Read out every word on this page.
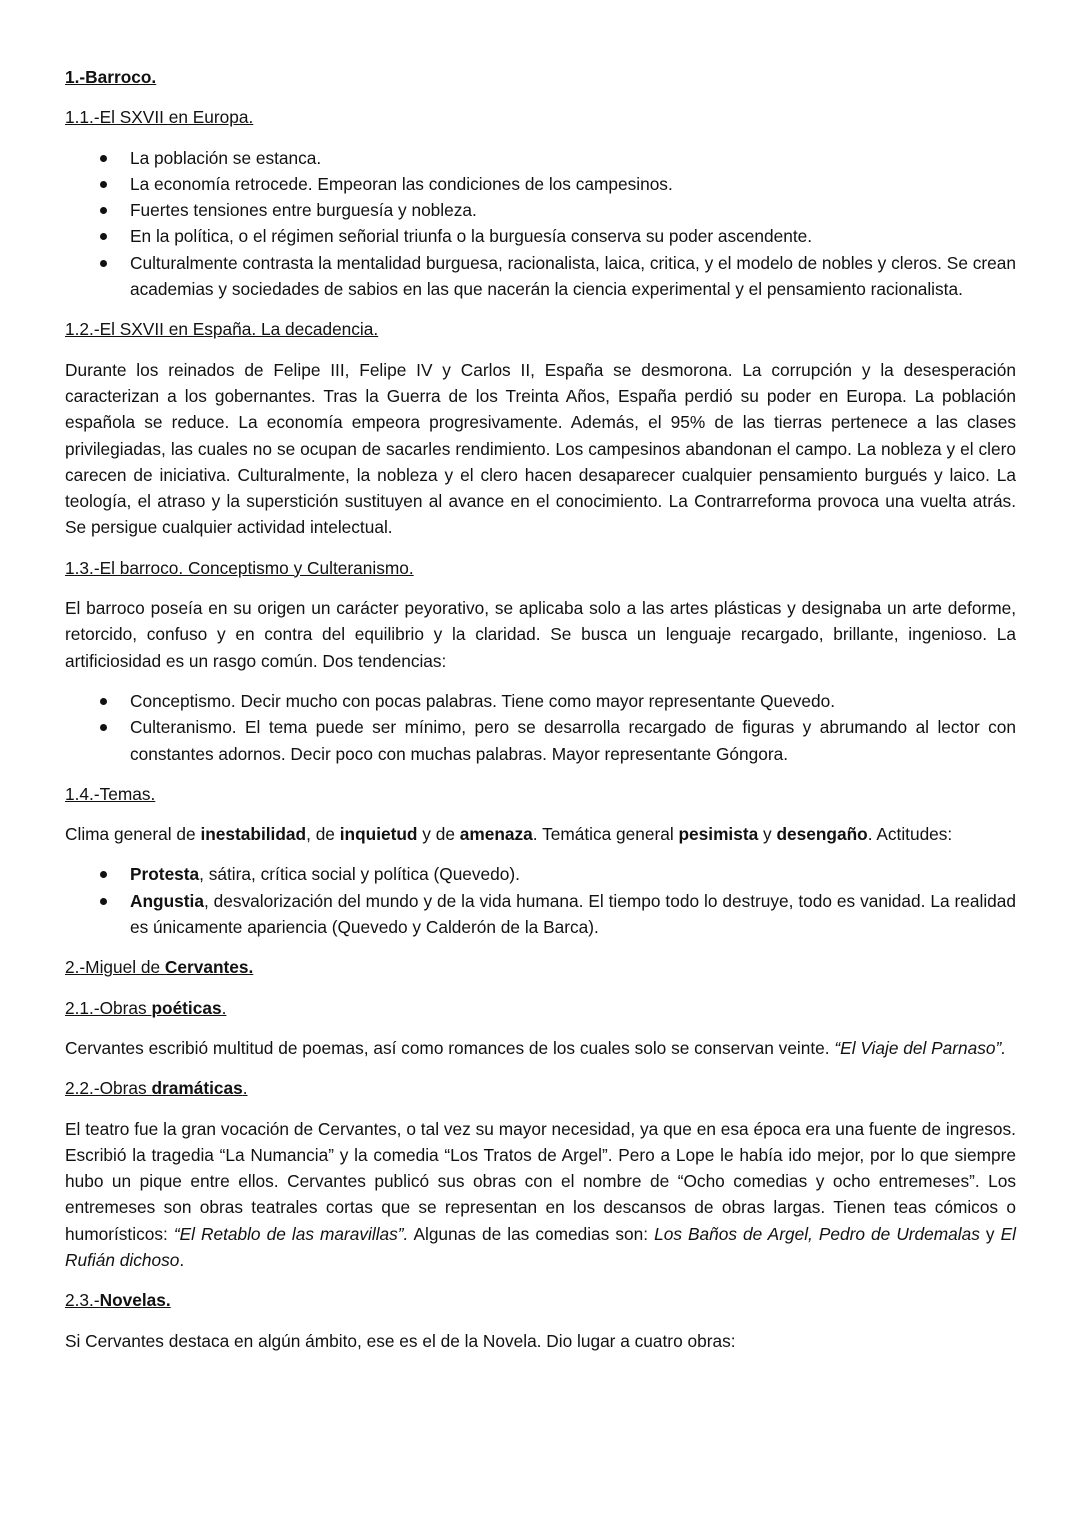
1.-Barroco.
1.1.-El SXVII en Europa.
La población se estanca.
La economía retrocede. Empeoran las condiciones de los campesinos.
Fuertes tensiones entre burguesía y nobleza.
En la política, o el régimen señorial triunfa o la burguesía conserva su poder ascendente.
Culturalmente contrasta la mentalidad burguesa, racionalista, laica, critica, y el modelo de nobles y cleros. Se crean academias y sociedades de sabios en las que nacerán la ciencia experimental y el pensamiento racionalista.
1.2.-El SXVII en España. La decadencia.
Durante los reinados de Felipe III, Felipe IV y Carlos II, España se desmorona. La corrupción y la desesperación caracterizan a los gobernantes. Tras la Guerra de los Treinta Años, España perdió su poder en Europa. La población española se reduce. La economía empeora progresivamente. Además, el 95% de las tierras pertenece a las clases privilegiadas, las cuales no se ocupan de sacarles rendimiento. Los campesinos abandonan el campo. La nobleza y el clero carecen de iniciativa. Culturalmente, la nobleza y el clero hacen desaparecer cualquier pensamiento burgués y laico. La teología, el atraso y la superstición sustituyen al avance en el conocimiento. La Contrarreforma provoca una vuelta atrás. Se persigue cualquier actividad intelectual.
1.3.-El barroco. Conceptismo y Culteranismo.
El barroco poseía en su origen un carácter peyorativo, se aplicaba solo a las artes plásticas y designaba un arte deforme, retorcido, confuso y en contra del equilibrio y la claridad. Se busca un lenguaje recargado, brillante, ingenioso. La artificiosidad es un rasgo común. Dos tendencias:
Conceptismo. Decir mucho con pocas palabras. Tiene como mayor representante Quevedo.
Culteranismo. El tema puede ser mínimo, pero se desarrolla recargado de figuras y abrumando al lector con constantes adornos. Decir poco con muchas palabras. Mayor representante Góngora.
1.4.-Temas.
Clima general de inestabilidad, de inquietud y de amenaza. Temática general pesimista y desengaño. Actitudes:
Protesta, sátira, crítica social y política (Quevedo).
Angustia, desvalorización del mundo y de la vida humana. El tiempo todo lo destruye, todo es vanidad. La realidad es únicamente apariencia (Quevedo y Calderón de la Barca).
2.-Miguel de Cervantes.
2.1.-Obras poéticas.
Cervantes escribió multitud de poemas, así como romances de los cuales solo se conservan veinte. “El Viaje del Parnaso”.
2.2.-Obras dramáticas.
El teatro fue la gran vocación de Cervantes, o tal vez su mayor necesidad, ya que en esa época era una fuente de ingresos. Escribió la tragedia “La Numancia” y la comedia “Los Tratos de Argel”. Pero a Lope le había ido mejor, por lo que siempre hubo un pique entre ellos. Cervantes publicó sus obras con el nombre de “Ocho comedias y ocho entremeses”. Los entremeses son obras teatrales cortas que se representan en los descansos de obras largas. Tienen teas cómicos o humorísticos: “El Retablo de las maravillas”. Algunas de las comedias son: Los Baños de Argel, Pedro de Urdemalas y El Rufián dichoso.
2.3.-Novelas.
Si Cervantes destaca en algún ámbito, ese es el de la Novela. Dio lugar a cuatro obras:
